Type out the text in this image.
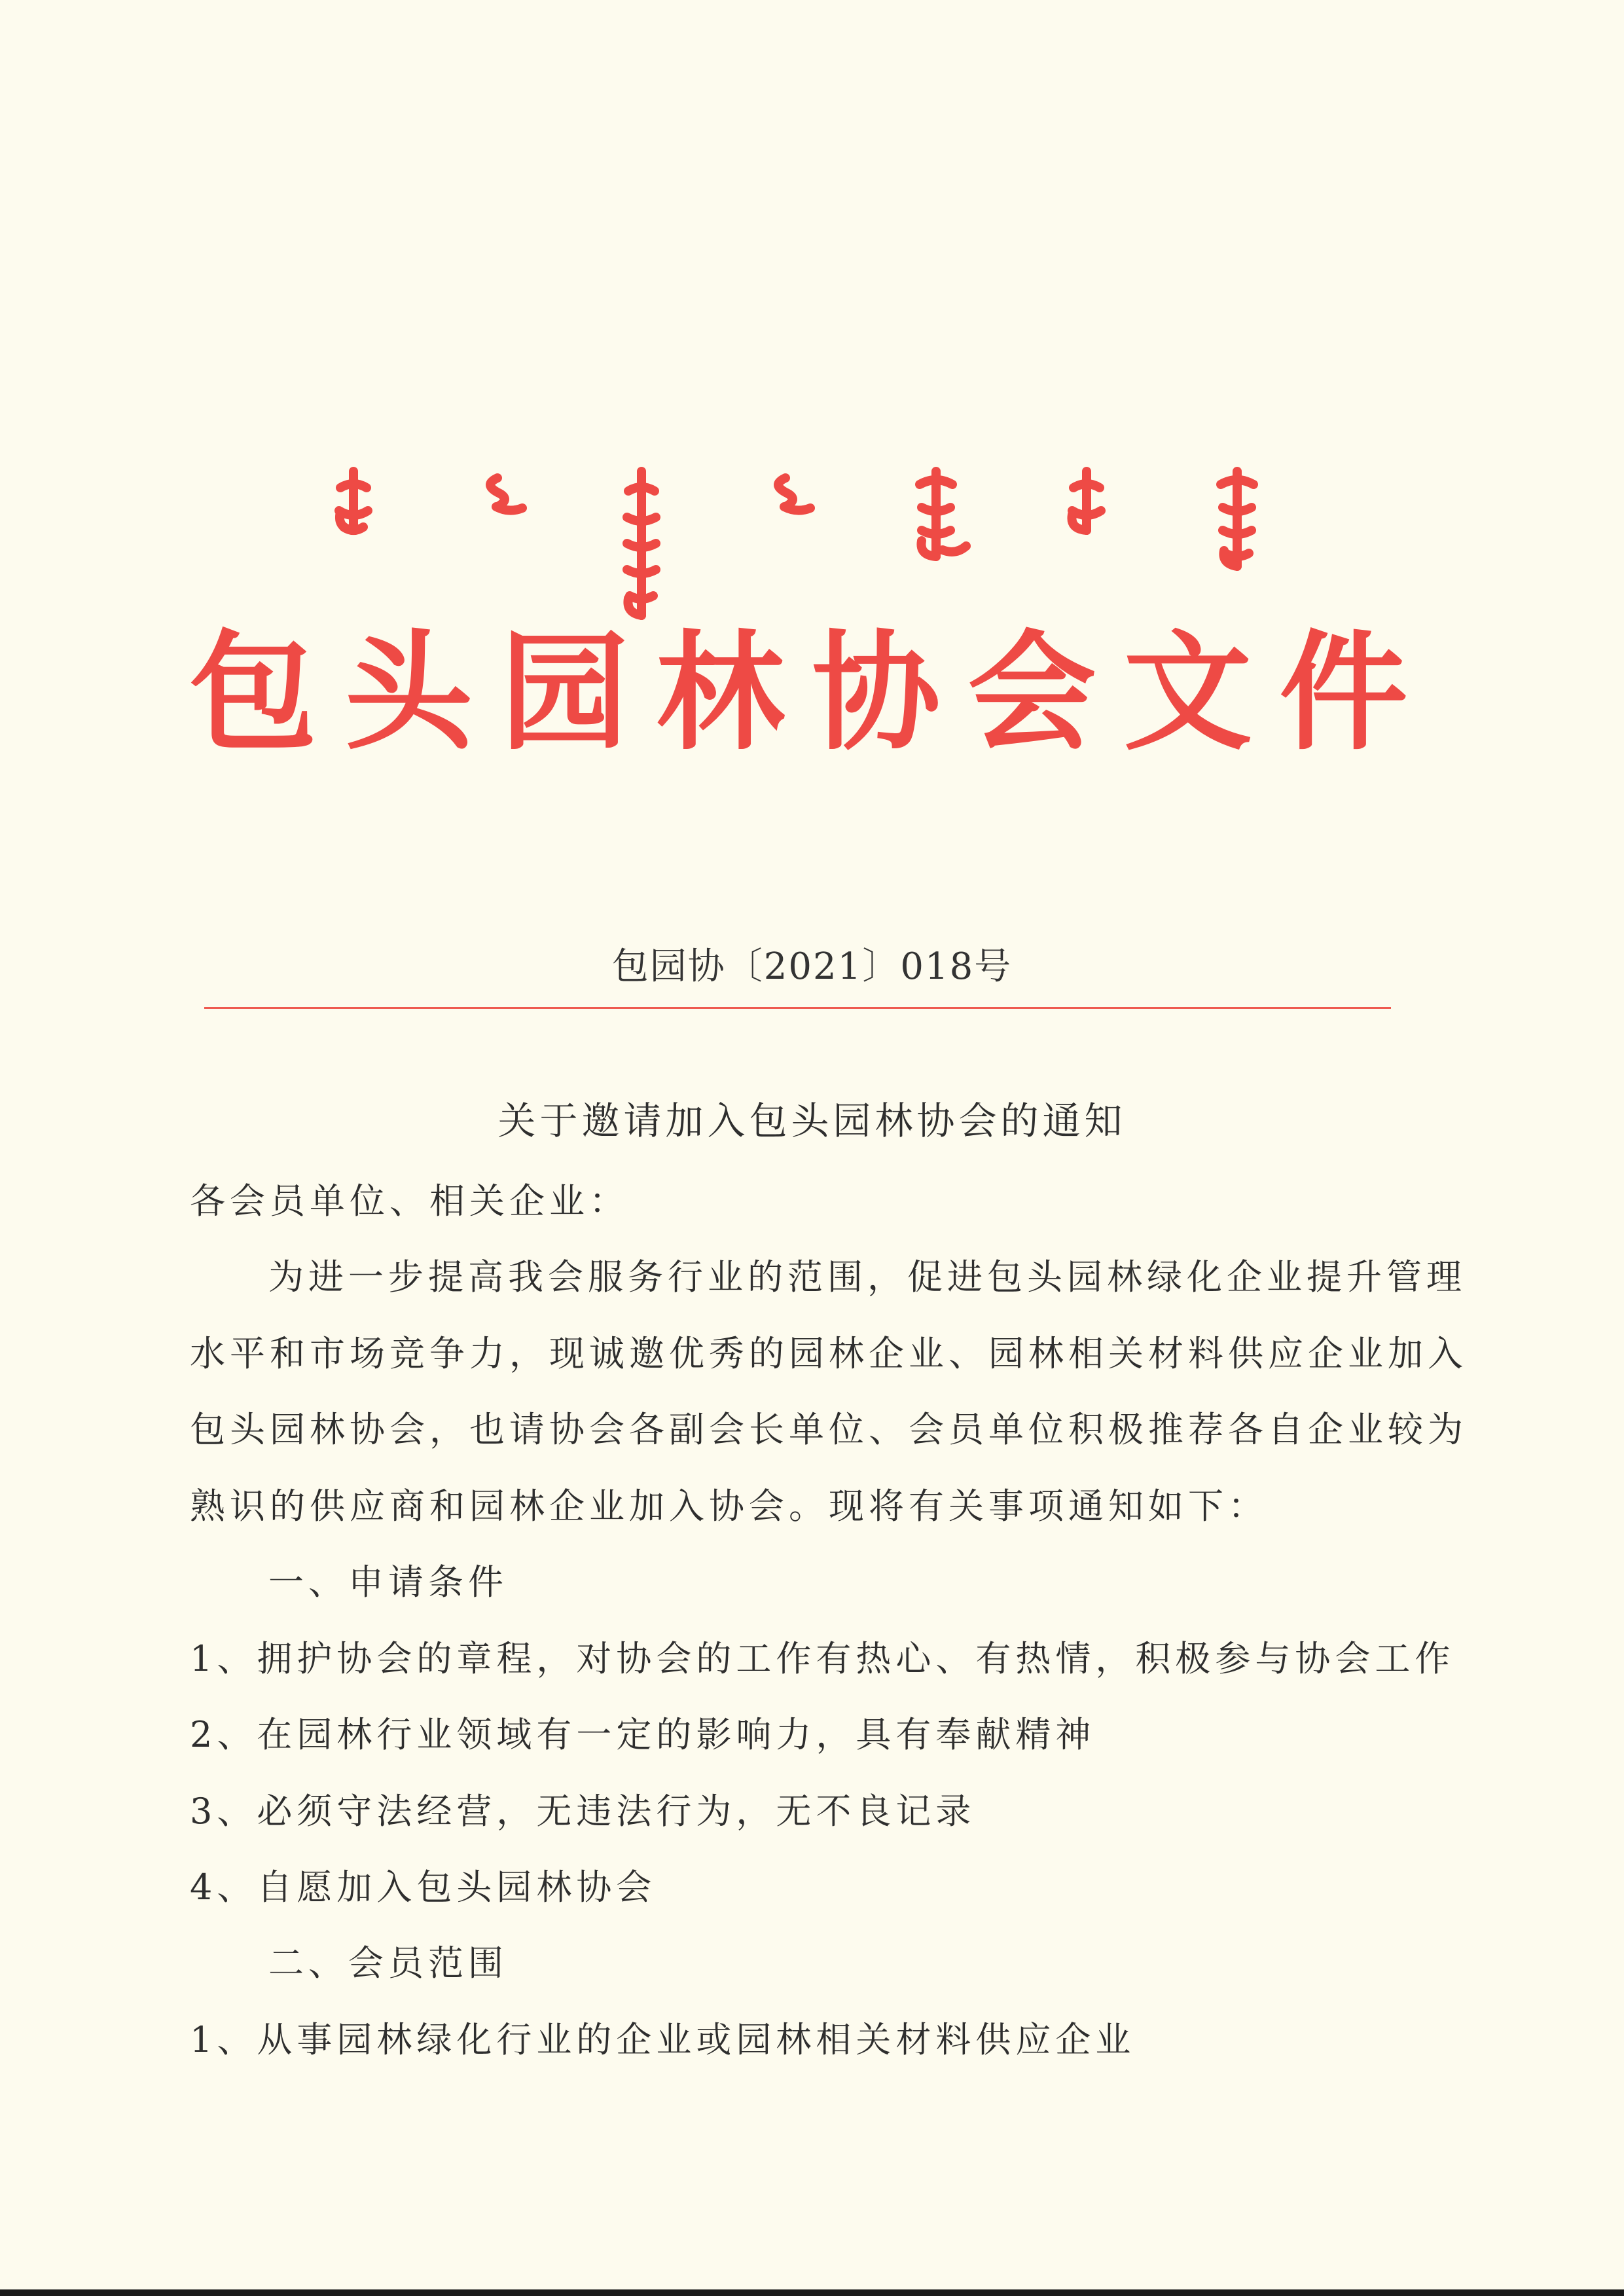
包头园林协会文件
包园协〔2021〕018号
关于邀请加入包头园林协会的通知
各会员单位、相关企业：
为进一步提高我会服务行业的范围，促进包头园林绿化企业提升管理
水平和市场竞争力，现诚邀优秀的园林企业、园林相关材料供应企业加入
包头园林协会，也请协会各副会长单位、会员单位积极推荐各自企业较为
熟识的供应商和园林企业加入协会。现将有关事项通知如下：
一、申请条件
1、拥护协会的章程，对协会的工作有热心、有热情，积极参与协会工作
2、在园林行业领域有一定的影响力，具有奉献精神
3、必须守法经营，无违法行为，无不良记录
4、自愿加入包头园林协会
二、会员范围
1、从事园林绿化行业的企业或园林相关材料供应企业
